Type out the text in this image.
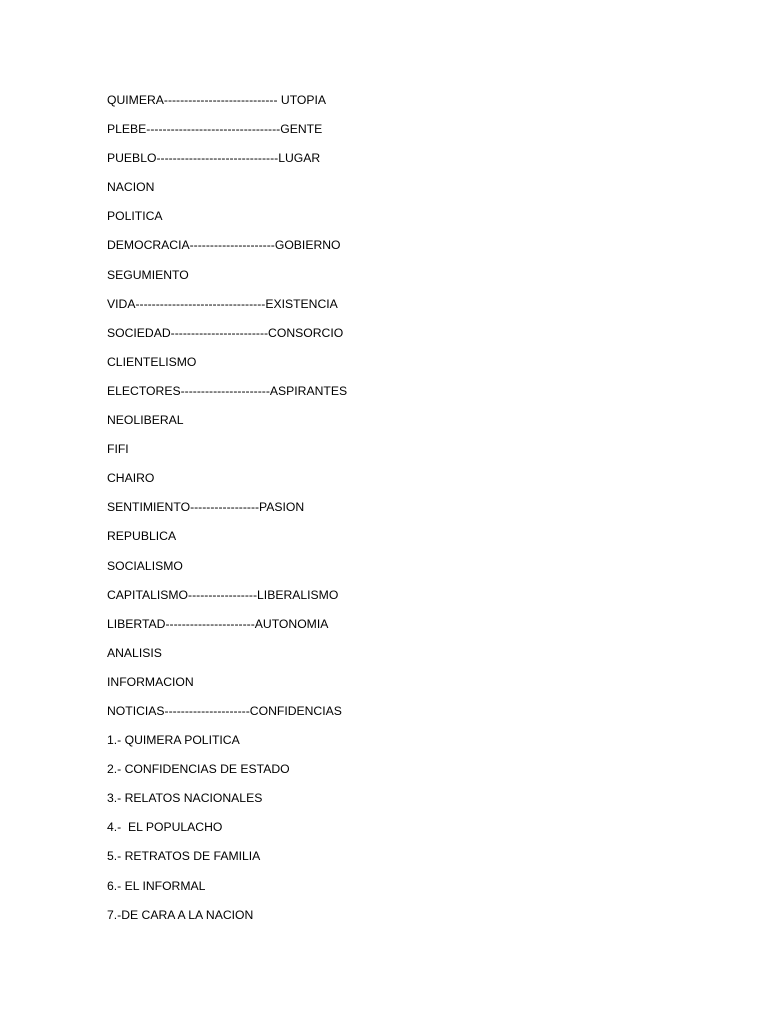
QUIMERA---------------------------- UTOPIA
PLEBE---------------------------------GENTE
PUEBLO------------------------------LUGAR
NACION
POLITICA
DEMOCRACIA---------------------GOBIERNO
SEGUMIENTO
VIDA--------------------------------EXISTENCIA
SOCIEDAD------------------------CONSORCIO
CLIENTELISMO
ELECTORES----------------------ASPIRANTES
NEOLIBERAL
FIFI
CHAIRO
SENTIMIENTO-----------------PASION
REPUBLICA
SOCIALISMO
CAPITALISMO-----------------LIBERALISMO
LIBERTAD----------------------AUTONOMIA
ANALISIS
INFORMACION
NOTICIAS---------------------CONFIDENCIAS
1.- QUIMERA POLITICA
2.- CONFIDENCIAS DE ESTADO
3.- RELATOS NACIONALES
4.-  EL POPULACHO
5.- RETRATOS DE FAMILIA
6.- EL INFORMAL
7.-DE CARA A LA NACION
